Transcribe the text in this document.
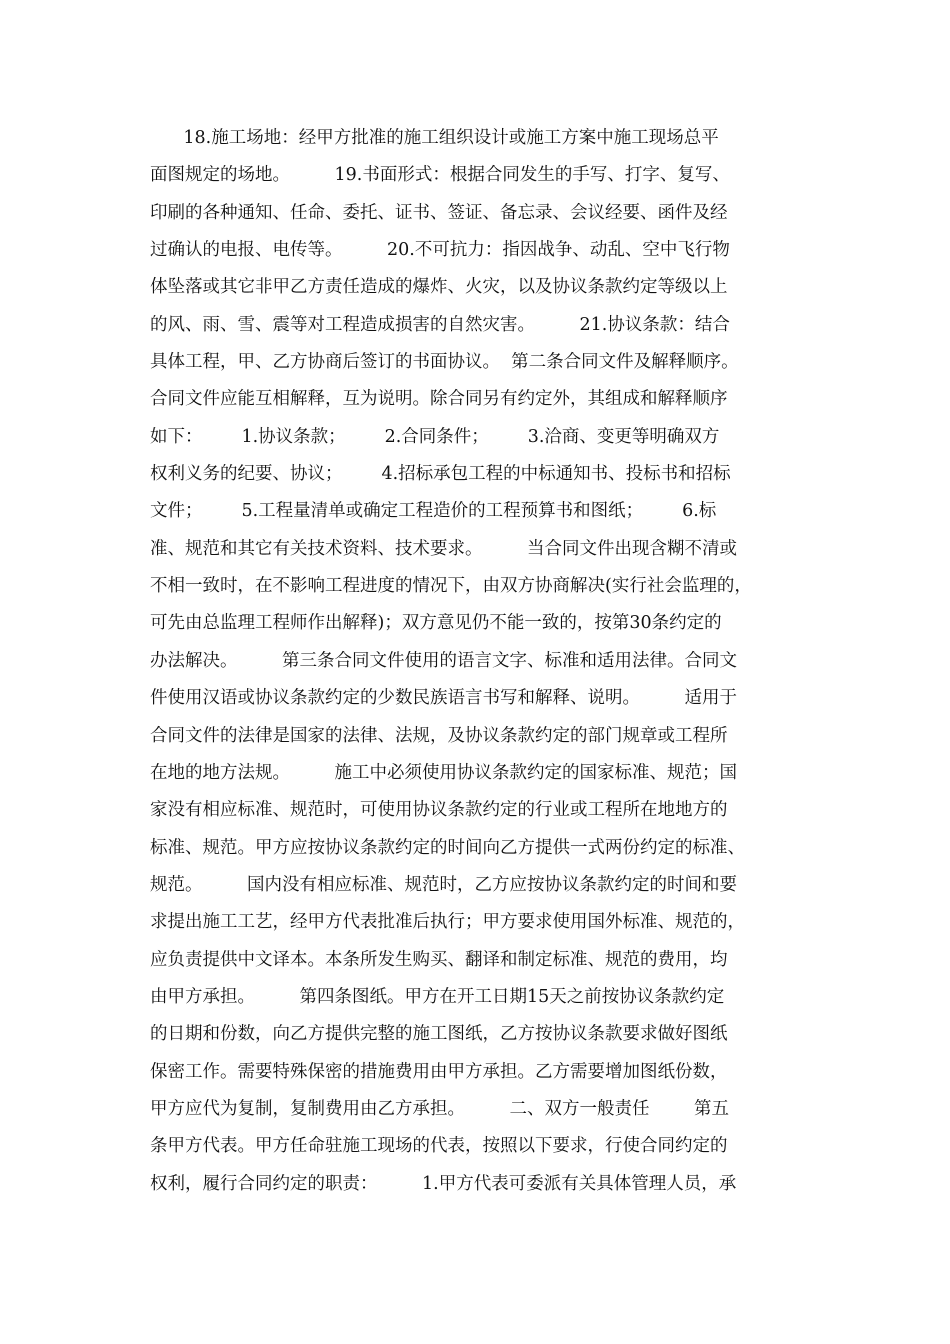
18.施工场地：经甲方批准的施工组织设计或施工方案中施工现场总平
面图规定的场地。        19.书面形式：根据合同发生的手写、打字、复写、
印刷的各种通知、任命、委托、证书、签证、备忘录、会议经要、函件及经
过确认的电报、电传等。        20.不可抗力：指因战争、动乱、空中飞行物
体坠落或其它非甲乙方责任造成的爆炸、火灾，以及协议条款约定等级以上
的风、雨、雪、震等对工程造成损害的自然灾害。        21.协议条款：结合
具体工程，甲、乙方协商后签订的书面协议。  第二条合同文件及解释顺序。
合同文件应能互相解释，互为说明。除合同另有约定外，其组成和解释顺序
如下：       1.协议条款；       2.合同条件；       3.洽商、变更等明确双方
权利义务的纪要、协议；       4.招标承包工程的中标通知书、投标书和招标
文件；       5.工程量清单或确定工程造价的工程预算书和图纸；       6.标
准、规范和其它有关技术资料、技术要求。        当合同文件出现含糊不清或
不相一致时，在不影响工程进度的情况下，由双方协商解决(实行社会监理的，
可先由总监理工程师作出解释)；双方意见仍不能一致的，按第30条约定的
办法解决。        第三条合同文件使用的语言文字、标准和适用法律。合同文
件使用汉语或协议条款约定的少数民族语言书写和解释、说明。        适用于
合同文件的法律是国家的法律、法规，及协议条款约定的部门规章或工程所
在地的地方法规。        施工中必须使用协议条款约定的国家标准、规范；国
家没有相应标准、规范时，可使用协议条款约定的行业或工程所在地地方的
标准、规范。甲方应按协议条款约定的时间向乙方提供一式两份约定的标准、
规范。        国内没有相应标准、规范时，乙方应按协议条款约定的时间和要
求提出施工工艺，经甲方代表批准后执行；甲方要求使用国外标准、规范的，
应负责提供中文译本。本条所发生购买、翻译和制定标准、规范的费用，均
由甲方承担。        第四条图纸。甲方在开工日期15天之前按协议条款约定
的日期和份数，向乙方提供完整的施工图纸，乙方按协议条款要求做好图纸
保密工作。需要特殊保密的措施费用由甲方承担。乙方需要增加图纸份数，
甲方应代为复制，复制费用由乙方承担。        二、双方一般责任        第五
条甲方代表。甲方任命驻施工现场的代表，按照以下要求，行使合同约定的
权利，履行合同约定的职责：        1.甲方代表可委派有关具体管理人员，承
